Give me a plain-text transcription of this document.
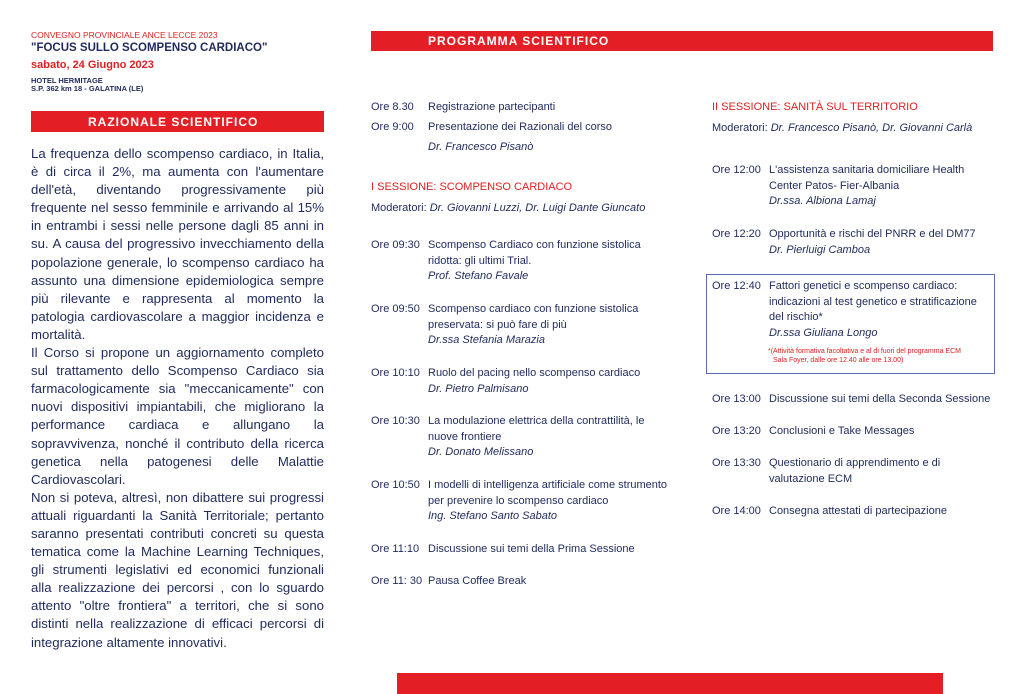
CONVEGNO PROVINCIALE ANCE LECCE 2023
"FOCUS SULLO SCOMPENSO CARDIACO"
sabato, 24 Giugno 2023
HOTEL HERMITAGE
S.P. 362 km 18 - GALATINA (LE)
RAZIONALE SCIENTIFICO

La frequenza dello scompenso cardiaco, in Italia, è di circa il 2%, ma aumenta con l'aumentare dell'età, diventando progressivamente più frequente nel sesso femminile e arrivando al 15% in entrambi i sessi nelle persone dagli 85 anni in su. A causa del progressivo invecchiamento della popolazione generale, lo scompenso cardiaco ha assunto una dimensione epidemiologica sempre più rilevante e rappresenta al momento la patologia cardiovascolare a maggior incidenza e mortalità.

Il Corso si propone un aggiornamento completo sul trattamento dello Scompenso Cardiaco sia farmacologicamente sia "meccanicamente" con nuovi dispositivi impiantabili, che migliorano la performance cardiaca e allungano la sopravvivenza, nonché il contributo della ricerca genetica nella patogenesi delle Malattie Cardiovascolari.

Non si poteva, altresì, non dibattere sui progressi attuali riguardanti la Sanità Territoriale; pertanto saranno presentati contributi concreti su questa tematica come la Machine Learning Techniques, gli strumenti legislativi ed economici funzionali alla realizzazione dei percorsi , con lo sguardo attento "oltre frontiera" a territori, che si sono distinti nella realizzazione di efficaci percorsi di integrazione altamente innovativi.

PROGRAMMA SCIENTIFICO
Ore 8.30 Registrazione partecipanti
Ore 9:00 Presentazione dei Razionali del corso
Dr. Francesco Pisanò
I SESSIONE: SCOMPENSO CARDIACO
Moderatori: Dr. Giovanni Luzzi, Dr. Luigi Dante Giuncato
Ore 09:30 Scompenso Cardiaco con funzione sistolica ridotta: gli ultimi Trial.
Prof. Stefano Favale
Ore 09:50 Scompenso cardiaco con funzione sistolica preservata: si può fare di più
Dr.ssa Stefania Marazia
Ore 10:10 Ruolo del pacing nello scompenso cardiaco
Dr. Pietro Palmisano
Ore 10:30 La modulazione elettrica della contrattilità, le nuove frontiere
Dr. Donato Melissano
Ore 10:50 I modelli di intelligenza artificiale come strumento per prevenire lo scompenso cardiaco
Ing. Stefano Santo Sabato
Ore 11:10 Discussione sui temi della Prima Sessione
Ore 11: 30 Pausa Coffee Break
II SESSIONE: SANITÀ SUL TERRITORIO
Moderatori: Dr. Francesco Pisanò, Dr. Giovanni Carlà
Ore 12:00 L'assistenza sanitaria domiciliare Health Center Patos- Fier-Albania
Dr.ssa. Albiona Lamaj
Ore 12:20 Opportunità e rischi del PNRR e del DM77
Dr. Pierluigi Camboa
Ore 12:40 Fattori genetici e scompenso cardiaco: indicazioni al test genetico e stratificazione del rischio*
Dr.ssa Giuliana Longo
*(Attività formativa facoltativa e al di fuori del programma ECM
Sala Foyer, dalle ore 12.40 alle ore 13.00)
Ore 13:00 Discussione sui temi della Seconda Sessione
Ore 13:20 Conclusioni e Take Messages
Ore 13:30 Questionario di apprendimento e di valutazione ECM
Ore 14:00 Consegna attestati di partecipazione
